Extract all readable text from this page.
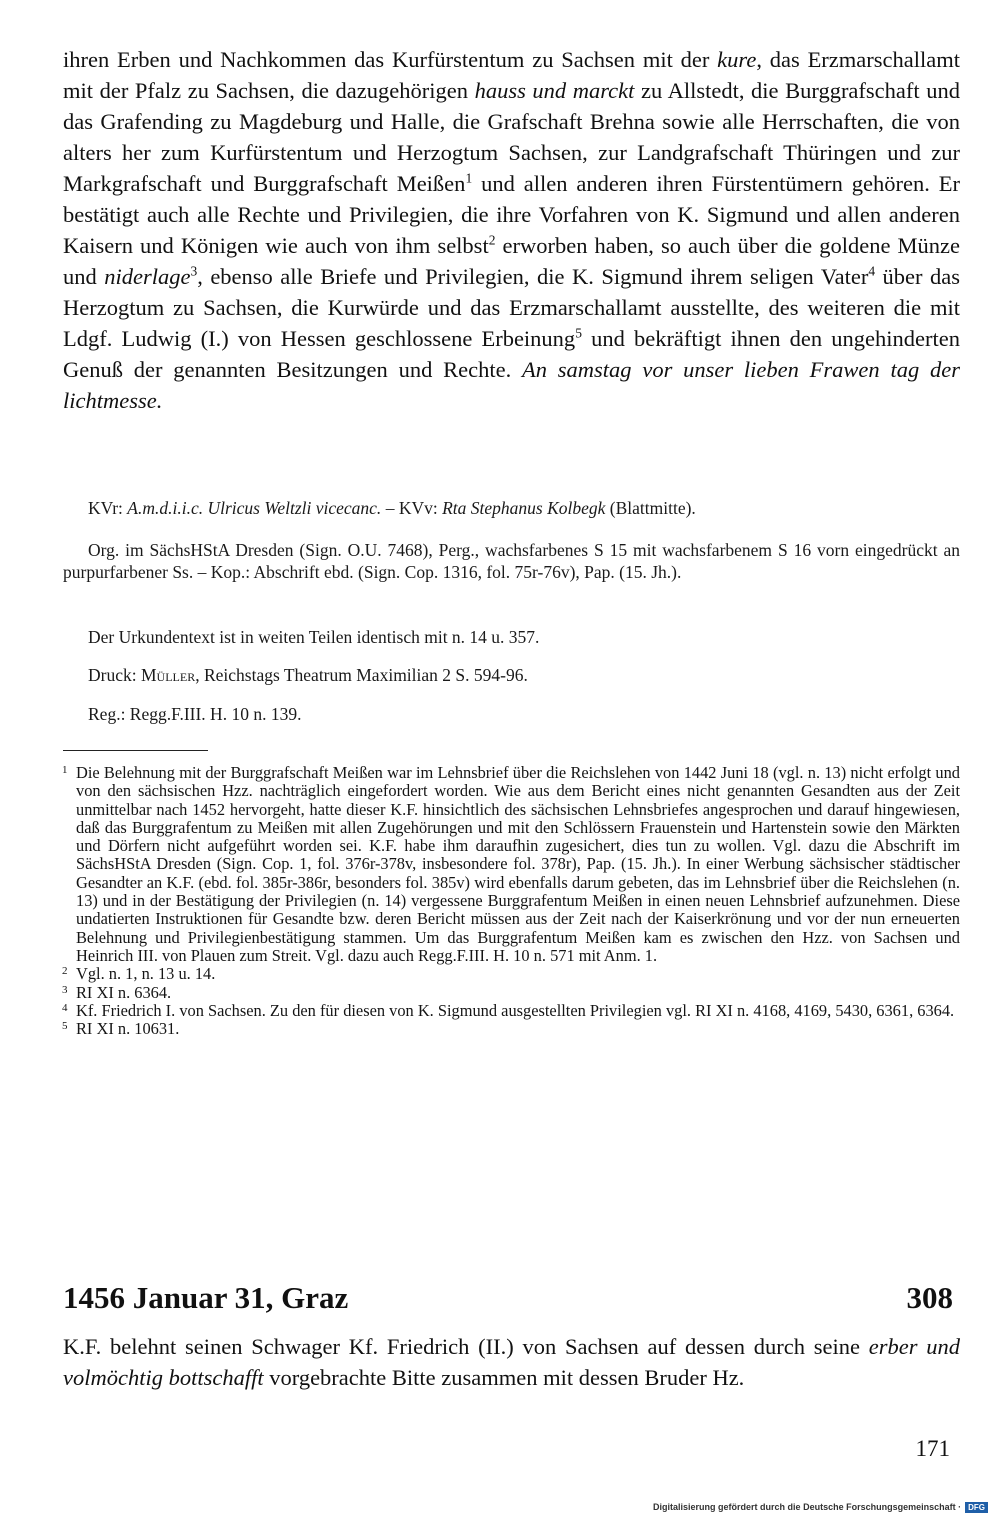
ihren Erben und Nachkommen das Kurfürstentum zu Sachsen mit der kure, das Erzmarschallamt mit der Pfalz zu Sachsen, die dazugehörigen hauss und marckt zu Allstedt, die Burggrafschaft und das Grafending zu Magdeburg und Halle, die Grafschaft Brehna sowie alle Herrschaften, die von alters her zum Kurfürstentum und Herzogtum Sachsen, zur Landgrafschaft Thüringen und zur Markgrafschaft und Burggrafschaft Meißen$^1$ und allen anderen ihren Fürstentümern gehören. Er bestätigt auch alle Rechte und Privilegien, die ihre Vorfahren von K. Sigmund und allen anderen Kaisern und Königen wie auch von ihm selbst$^2$ erworben haben, so auch über die goldene Münze und niderlage$^3$, ebenso alle Briefe und Privilegien, die K. Sigmund ihrem seligen Vater$^4$ über das Herzogtum zu Sachsen, die Kurwürde und das Erzmarschallamt ausstellte, des weiteren die mit Ldgf. Ludwig (I.) von Hessen geschlossene Erbeinung$^5$ und bekräftigt ihnen den ungehinderten Genuß der genannten Besitzungen und Rechte. An samstag vor unser lieben Frawen tag der lichtmesse.

KVr: A.m.d.i.i.c. Ulricus Weltzli vicecanc. – KVv: Rta Stephanus Kolbegk (Blattmitte).

Org. im SächsHStA Dresden (Sign. O.U. 7468), Perg., wachsfarbenes S 15 mit wachsfarbenem S 16 vorn eingedrückt an purpurfarbener Ss. – Kop.: Abschrift ebd. (Sign. Cop. 1316, fol. 75r-76v), Pap. (15. Jh.).

Der Urkundentext ist in weiten Teilen identisch mit n. 14 u. 357.

Druck: Müller, Reichstags Theatrum Maximilian 2 S. 594-96.

Reg.: Regg.F.III. H. 10 n. 139.

1 Die Belehnung mit der Burggrafschaft Meißen war im Lehnsbrief über die Reichslehen von 1442 Juni 18 (vgl. n. 13) nicht erfolgt und von den sächsischen Hzz. nachträglich eingefordert worden. Wie aus dem Bericht eines nicht genannten Gesandten aus der Zeit unmittelbar nach 1452 hervorgeht, hatte dieser K.F. hinsichtlich des sächsischen Lehnsbriefes angesprochen und darauf hingewiesen, daß das Burggrafentum zu Meißen mit allen Zugehörungen und mit den Schlössern Frauenstein und Hartenstein sowie den Märkten und Dörfern nicht aufgeführt worden sei. K.F. habe ihm daraufhin zugesichert, dies tun zu wollen. Vgl. dazu die Abschrift im SächsHStA Dresden (Sign. Cop. 1, fol. 376r-378v, insbesondere fol. 378r), Pap. (15. Jh.). In einer Werbung sächsischer städtischer Gesandter an K.F. (ebd. fol. 385r-386r, besonders fol. 385v) wird ebenfalls darum gebeten, das im Lehnsbrief über die Reichslehen (n. 13) und in der Bestätigung der Privilegien (n. 14) vergessene Burggrafentum Meißen in einen neuen Lehnsbrief aufzunehmen. Diese undatierten Instruktionen für Gesandte bzw. deren Bericht müssen aus der Zeit nach der Kaiserkrönung und vor der nun erneuerten Belehnung und Privilegienbestätigung stammen. Um das Burggrafentum Meißen kam es zwischen den Hzz. von Sachsen und Heinrich III. von Plauen zum Streit. Vgl. dazu auch Regg.F.III. H. 10 n. 571 mit Anm. 1.

2 Vgl. n. 1, n. 13 u. 14.

3 RI XI n. 6364.

4 Kf. Friedrich I. von Sachsen. Zu den für diesen von K. Sigmund ausgestellten Privilegien vgl. RI XI n. 4168, 4169, 5430, 6361, 6364.

5 RI XI n. 10631.

1456 Januar 31, Graz	308

K.F. belehnt seinen Schwager Kf. Friedrich (II.) von Sachsen auf dessen durch seine erber und volmöchtig bottschafft vorgebrachte Bitte zusammen mit dessen Bruder Hz.

171
Digitalisierung gefördert durch die Deutsche Forschungsgemeinschaft · DFG
